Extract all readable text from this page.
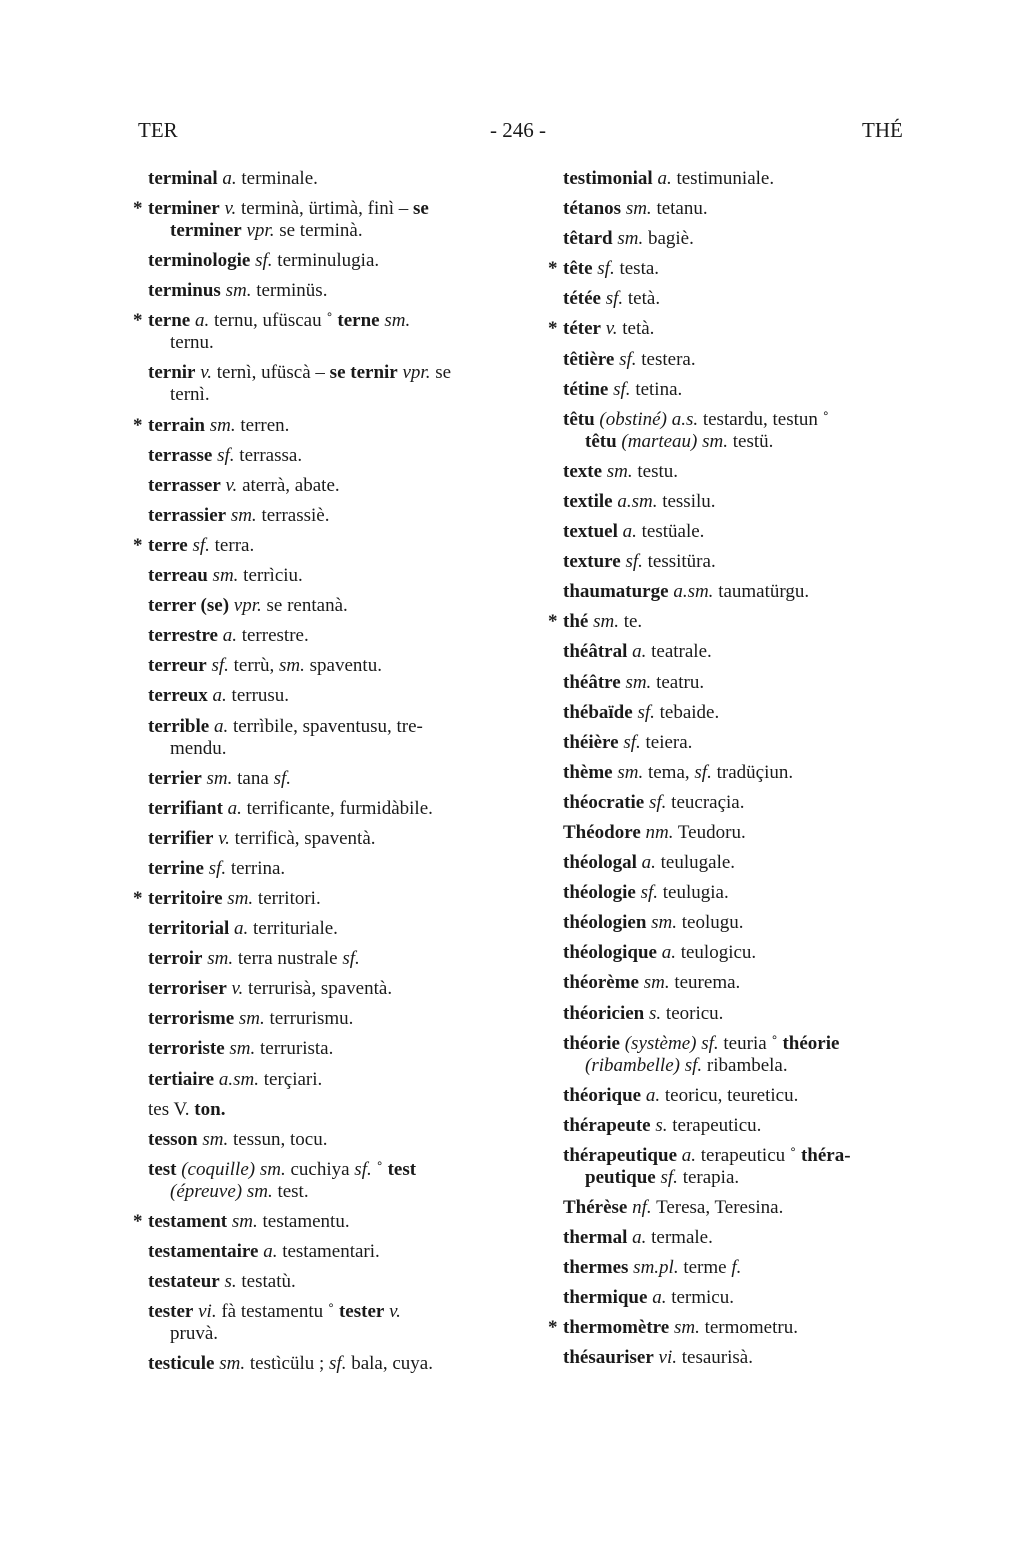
TER	- 246 -	THÉ
terminal a. terminale.
* terminer v. terminà, ürtimà, finì – se
terminer vpr. se terminà.
terminologie sf. terminulugia.
terminus sm. terminüs.
* terne a. ternu, ufüscau ˚ terne sm.
ternu.
ternir v. ternì, ufüscà – se ternir vpr. se
ternì.
* terrain sm. terren.
terrasse sf. terrassa.
terrasser v. aterrà, abate.
terrassier sm. terrassiè.
* terre sf. terra.
terreau sm. terrìciu.
terrer (se) vpr. se rentanà.
terrestre a. terrestre.
terreur sf. terrù, sm. spaventu.
terreux a. terrusu.
terrible a. terrìbile, spaventusu, tre-
mendu.
terrier sm. tana sf.
terrifiant a. terrificante, furmidàbile.
terrifier v. terrificà, spaventà.
terrine sf. terrina.
* territoire sm. territori.
territorial a. territuriale.
terroir sm. terra nustrale sf.
terroriser v. terrurisà, spaventà.
terrorisme sm. terrurismu.
terroriste sm. terrurista.
tertiaire a.sm. terçiari.
tes V. ton.
tesson sm. tessun, tocu.
test (coquille) sm. cuchiya sf. ˚ test
(épreuve) sm. test.
* testament sm. testamentu.
testamentaire a. testamentari.
testateur s. testatù.
tester vi. fà testamentu ˚ tester v.
pruvà.
testicule sm. testìcülu ; sf. bala, cuya.
testimonial a. testimuniale.
tétanos sm. tetanu.
têtard sm. bagiè.
* tête sf. testa.
tétée sf. tetà.
* téter v. tetà.
têtière sf. testera.
tétine sf. tetina.
têtu (obstiné) a.s. testardu, testun ˚
têtu (marteau) sm. testü.
texte sm. testu.
textile a.sm. tessilu.
textuel a. testüale.
texture sf. tessitüra.
thaumaturge a.sm. taumatürgu.
* thé sm. te.
théâtral a. teatrale.
théâtre sm. teatru.
thébaïde sf. tebaide.
théière sf. teiera.
thème sm. tema, sf. tradüçiun.
théocratie sf. teucraçia.
Théodore nm. Teudoru.
théologal a. teulugale.
théologie sf. teulugia.
théologien sm. teolugu.
théologique a. teulogicu.
théorème sm. teurema.
théoricien s. teoricu.
théorie (système) sf. teuria ˚ théorie
(ribambelle) sf. ribambela.
théorique a. teoricu, teureticu.
thérapeute s. terapeuticu.
thérapeutique a. terapeuticu ˚ théra-
peutique sf. terapia.
Thérèse nf. Teresa, Teresina.
thermal a. termale.
thermes sm.pl. terme f.
thermique a. termicu.
* thermomètre sm. termometru.
thésauriser vi. tesaurisà.
